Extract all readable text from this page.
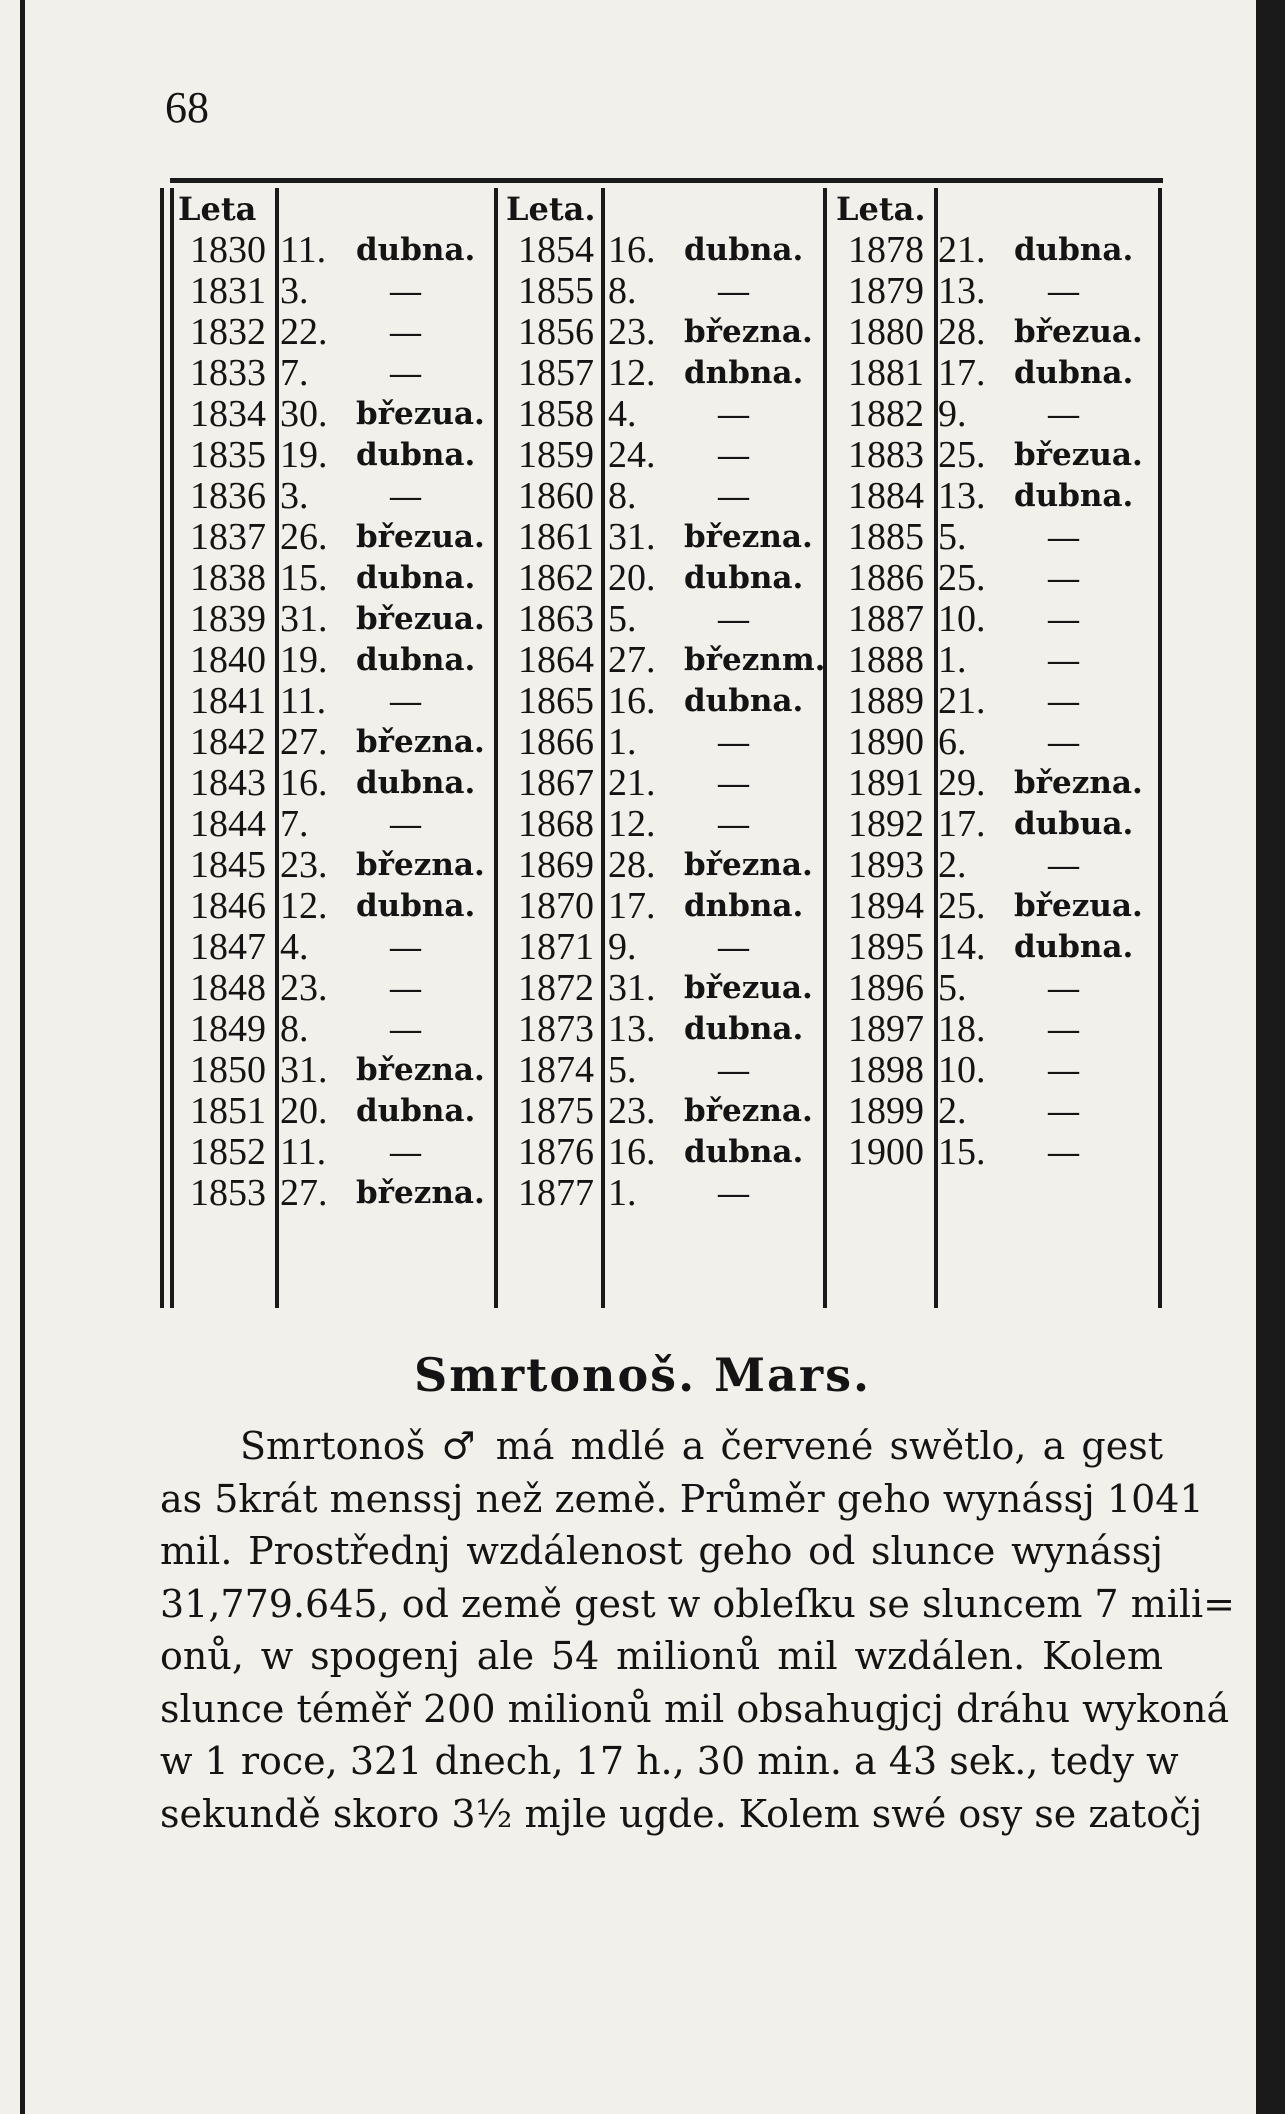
68
Leta
1830 11. dubna.
1831 3.	—
1832 22.	—
1833 7.	—
1834 30. březua.
1835 19. dubna.
1836 3.	—
1837 26. březua.
1838 15. dubna.
1839 31. březua.
1840 19. dubna.
1841 11.	—
1842 27. března.
1843 16. dubna.
1844 7.	—
1845 23. března.
1846 12. dubna.
1847 4.	—
1848 23.	—
1849 8.	—
1850 31. března.
1851 20. dubna.
1852 11.	—
1853 27. března.
Leta.
1854 16. dubna.
1855 8.	—
1856 23. března.
1857 12. dnbna.
1858 4.	—
1859 24.	—
1860 8.	—
1861 31. března.
1862 20. dubna.
1863 5.	—
1864 27. březnm.
1865 16. dubna.
1866 1.	—
1867 21.	—
1868 12.	—
1869 28. března.
1870 17. dnbna.
1871 9.	—
1872 31. březua.
1873 13. dubna.
1874 5.	—
1875 23. března.
1876 16. dubna.
1877 1.	—
Leta.
1878 21. dubna.
1879 13.	—
1880 28. březua.
1881 17. dubna.
1882 9.	—
1883 25. březua.
1884 13. dubna.
1885 5.	—
1886 25.	—
1887 10.	—
1888 1.	—
1889 21.	—
1890 6.	—
1891 29. března.
1892 17. dubua.
1893 2.	—
1894 25. březua.
1895 14. dubna.
1896 5.	—
1897 18.	—
1898 10.	—
1899 2.	—
1900 15.	—
Smrtonoš. Mars.
Smrtonoš ♂ má mdlé a červené swětlo, a gest
as 5krát menssj než země. Průměr geho wynássj 1041
mil. Prostřednj wzdálenost geho od slunce wynássj
31,779.645, od země gest w obleſku se sluncem 7 mili=
onů, w spogenj ale 54 milionů mil wzdálen. Kolem
slunce téměř 200 milionů mil obsahugjcj dráhu wykoná
w 1 roce, 321 dnech, 17 h., 30 min. a 43 sek., tedy w
sekundě skoro 3½ mjle ugde. Kolem swé osy se zatočj
